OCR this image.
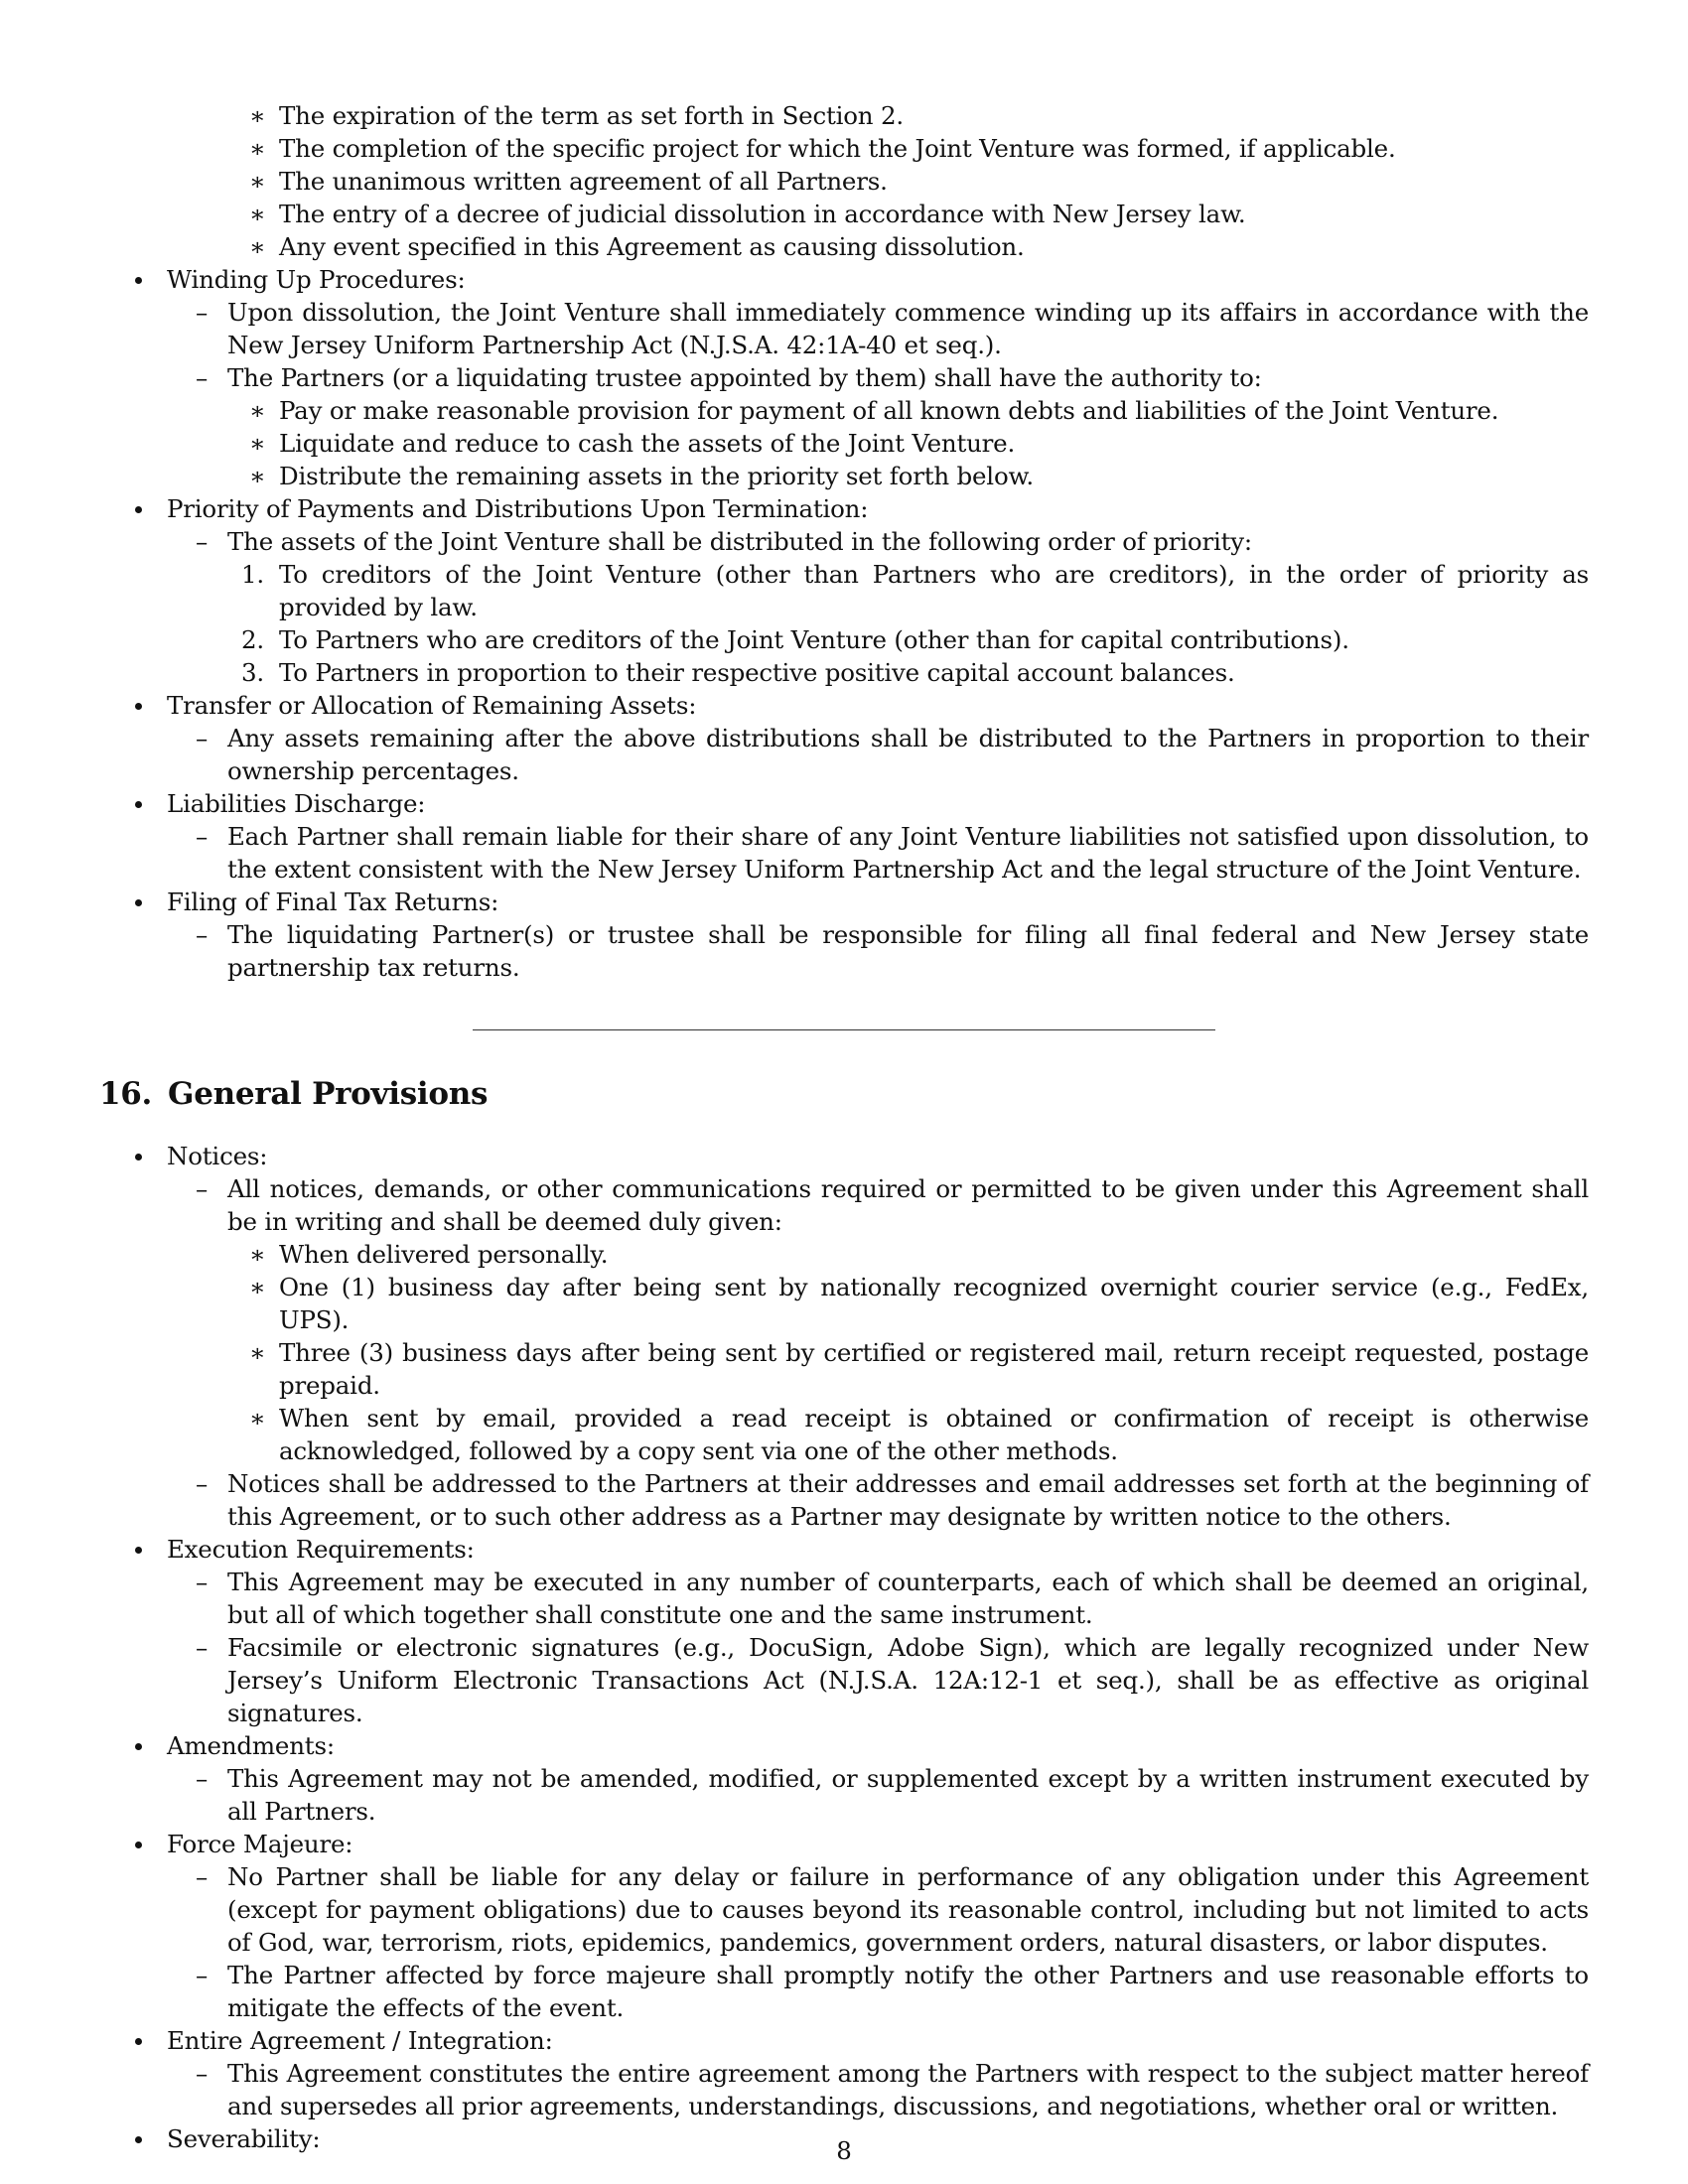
∗ The expiration of the term as set forth in Section 2.
∗ The completion of the specific project for which the Joint Venture was formed, if applicable.
∗ The unanimous written agreement of all Partners.
∗ The entry of a decree of judicial dissolution in accordance with New Jersey law.
∗ Any event specified in this Agreement as causing dissolution.
Winding Up Procedures:
– Upon dissolution, the Joint Venture shall immediately commence winding up its affairs in accordance with the New Jersey Uniform Partnership Act (N.J.S.A. 42:1A-40 et seq.).
– The Partners (or a liquidating trustee appointed by them) shall have the authority to:
∗ Pay or make reasonable provision for payment of all known debts and liabilities of the Joint Venture.
∗ Liquidate and reduce to cash the assets of the Joint Venture.
∗ Distribute the remaining assets in the priority set forth below.
Priority of Payments and Distributions Upon Termination:
– The assets of the Joint Venture shall be distributed in the following order of priority:
1. To creditors of the Joint Venture (other than Partners who are creditors), in the order of priority as provided by law.
2. To Partners who are creditors of the Joint Venture (other than for capital contributions).
3. To Partners in proportion to their respective positive capital account balances.
Transfer or Allocation of Remaining Assets:
– Any assets remaining after the above distributions shall be distributed to the Partners in proportion to their ownership percentages.
Liabilities Discharge:
– Each Partner shall remain liable for their share of any Joint Venture liabilities not satisfied upon dissolution, to the extent consistent with the New Jersey Uniform Partnership Act and the legal structure of the Joint Venture.
Filing of Final Tax Returns:
– The liquidating Partner(s) or trustee shall be responsible for filing all final federal and New Jersey state partnership tax returns.
16. General Provisions
Notices:
– All notices, demands, or other communications required or permitted to be given under this Agreement shall be in writing and shall be deemed duly given:
∗ When delivered personally.
∗ One (1) business day after being sent by nationally recognized overnight courier service (e.g., FedEx, UPS).
∗ Three (3) business days after being sent by certified or registered mail, return receipt requested, postage prepaid.
∗ When sent by email, provided a read receipt is obtained or confirmation of receipt is otherwise acknowledged, followed by a copy sent via one of the other methods.
– Notices shall be addressed to the Partners at their addresses and email addresses set forth at the beginning of this Agreement, or to such other address as a Partner may designate by written notice to the others.
Execution Requirements:
– This Agreement may be executed in any number of counterparts, each of which shall be deemed an original, but all of which together shall constitute one and the same instrument.
– Facsimile or electronic signatures (e.g., DocuSign, Adobe Sign), which are legally recognized under New Jersey’s Uniform Electronic Transactions Act (N.J.S.A. 12A:12-1 et seq.), shall be as effective as original signatures.
Amendments:
– This Agreement may not be amended, modified, or supplemented except by a written instrument executed by all Partners.
Force Majeure:
– No Partner shall be liable for any delay or failure in performance of any obligation under this Agreement (except for payment obligations) due to causes beyond its reasonable control, including but not limited to acts of God, war, terrorism, riots, epidemics, pandemics, government orders, natural disasters, or labor disputes.
– The Partner affected by force majeure shall promptly notify the other Partners and use reasonable efforts to mitigate the effects of the event.
Entire Agreement / Integration:
– This Agreement constitutes the entire agreement among the Partners with respect to the subject matter hereof and supersedes all prior agreements, understandings, discussions, and negotiations, whether oral or written.
Severability:	8
